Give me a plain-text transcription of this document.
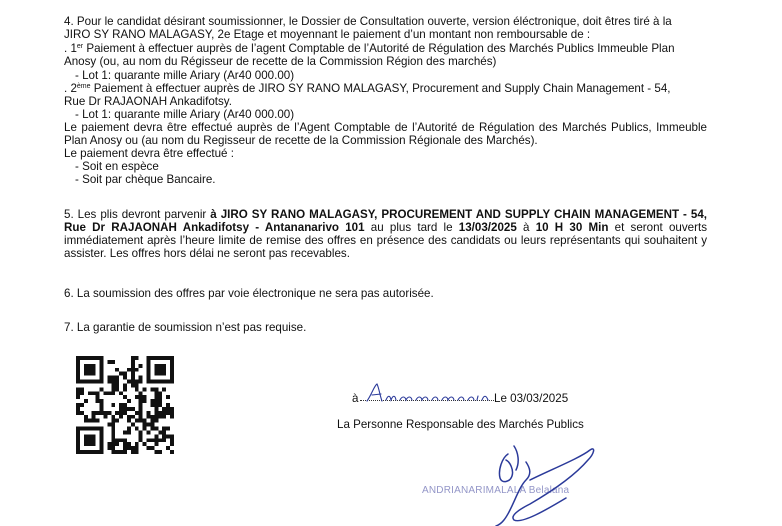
4. Pour le candidat désirant soumissionner, le Dossier de Consultation ouverte, version éléctronique, doit êtres tiré à la
JIRO SY RANO MALAGASY, 2e Etage et moyennant le paiement d’un montant non remboursable de :
. 1er Paiement à effectuer auprès de l’agent Comptable de l’Autorité de Régulation des Marchés Publics Immeuble Plan
Anosy (ou, au nom du Régisseur de recette de la Commission Région des marchés)
- Lot 1: quarante mille Ariary (Ar40 000.00)
. 2ème Paiement à effectuer auprès de JIRO SY RANO MALAGASY, Procurement and Supply Chain Management - 54,
Rue Dr RAJAONAH Ankadifotsy.
- Lot 1: quarante mille Ariary (Ar40 000.00)
Le paiement devra être effectué auprès de l’Agent Comptable de l’Autorité de Régulation des Marchés Publics, Immeuble Plan Anosy ou (au nom du Regisseur de recette de la Commission Régionale des Marchés).
Le paiement devra être effectué :
- Soit en espèce
- Soit par chèque Bancaire.
5. Les plis devront parvenir à JIRO SY RANO MALAGASY, PROCUREMENT AND SUPPLY CHAIN MANAGEMENT - 54, Rue Dr RAJAONAH Ankadifotsy - Antananarivo 101 au plus tard le 13/03/2025 à 10 H 30 Min et seront ouverts immédiatement après l’heure limite de remise des offres en présence des candidats ou leurs représentants qui souhaitent y assister. Les offres hors délai ne seront pas recevables.
6. La soumission des offres par voie électronique ne sera pas autorisée.
7. La garantie de soumission n’est pas requise.
à	Le 03/03/2025
La Personne Responsable des Marchés Publics
ANDRIANARIMALALA Belalana
